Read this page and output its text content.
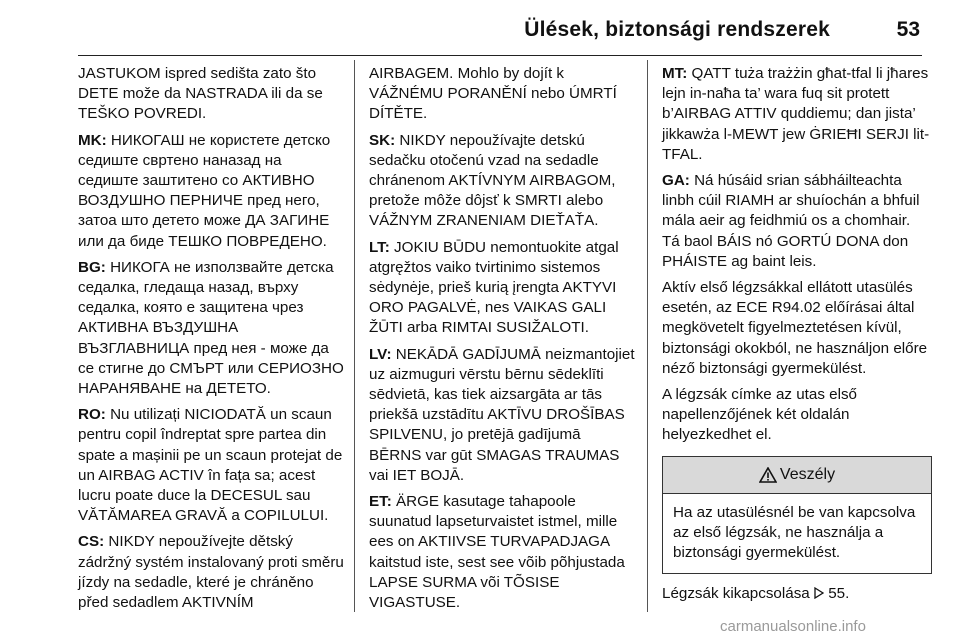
Ülések, biztonsági rendszerek	53

JASTUKOM ispred sedišta zato što DETE može da NASTRADA ili da se TEŠKO POVREDI.

MK: НИКОГАШ не користете детско седиште свртено наназад на седиште заштитено со АКТИВНО ВОЗДУШНО ПЕРНИЧЕ пред него, затоа што детето може ДА ЗАГИНЕ или да биде ТЕШКО ПОВРЕДЕНО.

BG: НИКОГА не използвайте детска седалка, гледаща назад, върху седалка, която е защитена чрез АКТИВНА ВЪЗДУШНА ВЪЗГЛАВНИЦА пред нея - може да се стигне до СМЪРТ или СЕРИОЗНО НАРАНЯВАНЕ на ДЕТЕТО.

RO: Nu utilizați NICIODATĂ un scaun pentru copil îndreptat spre partea din spate a mașinii pe un scaun protejat de un AIRBAG ACTIV în fața sa; acest lucru poate duce la DECESUL sau VĂTĂMAREA GRAVĂ a COPILULUI.

CS: NIKDY nepoužívejte dětský zádržný systém instalovaný proti směru jízdy na sedadle, které je chráněno před sedadlem AKTIVNÍM

AIRBAGEM. Mohlo by dojít k VÁŽNÉMU PORANĚNÍ nebo ÚMRTÍ DÍTĚTE.

SK: NIKDY nepoužívajte detskú sedačku otočenú vzad na sedadle chránenom AKTÍVNYM AIRBAGOM, pretože môže dôjsť k SMRTI alebo VÁŽNYM ZRANENIAM DIEŤAŤA.

LT: JOKIU BŪDU nemontuokite atgal atgręžtos vaiko tvirtinimo sistemos sėdynėje, prieš kurią įrengta AKTYVI ORO PAGALVĖ, nes VAIKAS GALI ŽŪTI arba RIMTAI SUSIŽALOTI.

LV: NEKĀDĀ GADĪJUMĀ neizmantojiet uz aizmuguri vērstu bērnu sēdeklīti sēdvietā, kas tiek aizsargāta ar tās priekšā uzstādītu AKTĪVU DROŠĪBAS SPILVENU, jo pretējā gadījumā BĒRNS var gūt SMAGAS TRAUMAS vai IET BOJĀ.

ET: ÄRGE kasutage tahapoole suunatud lapseturvaistet istmel, mille ees on AKTIIVSE TURVAPADJAGA kaitstud iste, sest see võib põhjustada LAPSE SURMA või TÕSISE VIGASTUSE.

MT: QATT tuża trażżin għat-tfal li jħares lejn in-naħa ta’ wara fuq sit protett b’AIRBAG ATTIV quddiemu; dan jista’ jikkawża l-MEWT jew ĠRIEĦI SERJI lit-TFAL.

GA: Ná húsáid srian sábháilteachta linbh cúil RIAMH ar shuíochán a bhfuil mála aeir ag feidhmiú os a chomhair. Tá baol BÁIS nó GORTÚ DONA don PHÁISTE ag baint leis.

Aktív első légzsákkal ellátott utasülés esetén, az ECE R94.02 előírásai által megkövetelt figyelmeztetésen kívül, biztonsági okokból, ne használjon előre néző biztonsági gyermekülést.

A légzsák címke az utas első napellenzőjének két oldalán helyezkedhet el.

Veszély
Ha az utasülésnél be van kapcsolva az első légzsák, ne használja a biztonsági gyermekülést.

Légzsák kikapcsolása 55.

carmanualsonline.info
